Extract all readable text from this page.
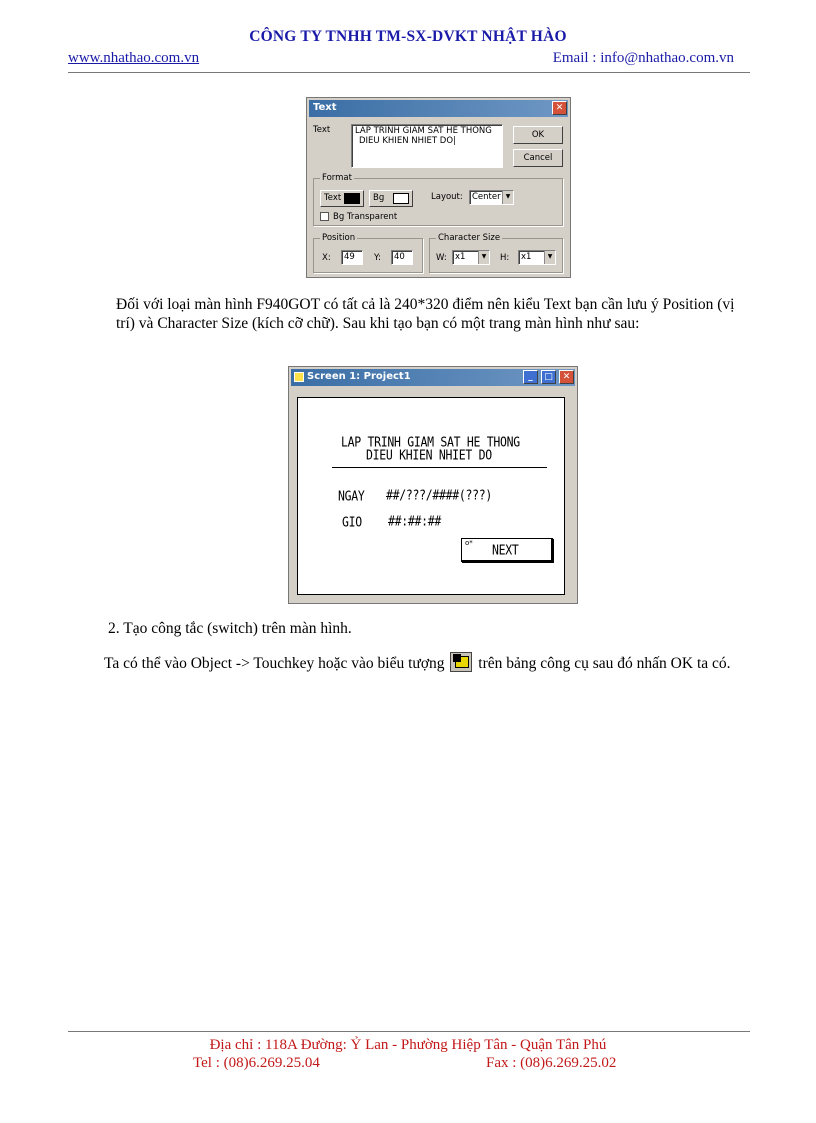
CÔNG TY TNHH TM-SX-DVKT NHẬT HÀO
www.nhathao.com.vn	Email : info@nhathao.com.vn
Text	✕
Text	LAP TRINH GIAM SAT HE THONG
DIEU KHIEN NHIET DO|
OK
Cancel
Format
Text	Bg	Layout: Center ▼
Bg Transparent
Position
X:	49	Y:	40
Character Size
W: x1	▼	H: x1	▼
Đối với loại màn hình F940GOT có tất cả là 240*320 điểm nên kiểu Text bạn cần lưu ý Position (vị trí) và Character Size (kích cỡ chữ). Sau khi tạo bạn có một trang màn hình như sau:
Screen 1: Project1	_	□	✕
LAP TRINH GIAM SAT HE THONG
DIEU KHIEN NHIET DO
NGAY ##/???/####(???)
GIO ##:##:##
o* NEXT
2. Tạo công tắc (switch) trên màn hình.
Ta có thể vào Object -> Touchkey hoặc vào biểu tượng trên bảng công cụ sau đó nhấn OK ta có.
Địa chỉ : 118A Đường: Ỷ Lan - Phường Hiệp Tân - Quận Tân Phú
Tel : (08)6.269.25.04	Fax : (08)6.269.25.02
